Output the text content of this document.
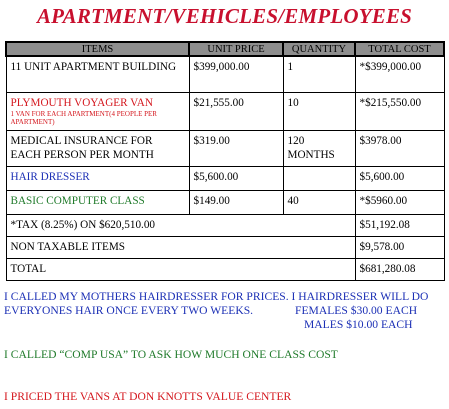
APARTMENT/VEHICLES/EMPLOYEES
ITEMS	UNIT PRICE	QUANTITY	TOTAL COST
11 UNIT APARTMENT BUILDING	$399,000.00	1	*$399,000.00
PLYMOUTH VOYAGER VAN
1 VAN FOR EACH APARTMENT(4 PEOPLE PER APARTMENT)	$21,555.00	10	*$215,550.00
MEDICAL INSURANCE FOR EACH PERSON PER MONTH	$319.00	120 MONTHS	$3978.00
HAIR DRESSER	$5,600.00		$5,600.00
BASIC COMPUTER CLASS	$149.00	40	*$5960.00
*TAX (8.25%) ON $620,510.00			$51,192.08
NON TAXABLE ITEMS			$9,578.00
TOTAL			$681,280.08
I CALLED MY MOTHERS HAIRDRESSER FOR PRICES. I HAIRDRESSER WILL DO
EVERYONES HAIR ONCE EVERY TWO WEEKS.	FEMALES $30.00 EACH
MALES $10.00 EACH
I CALLED “COMP USA” TO ASK HOW MUCH ONE CLASS COST
I PRICED THE VANS AT DON KNOTTS VALUE CENTER
